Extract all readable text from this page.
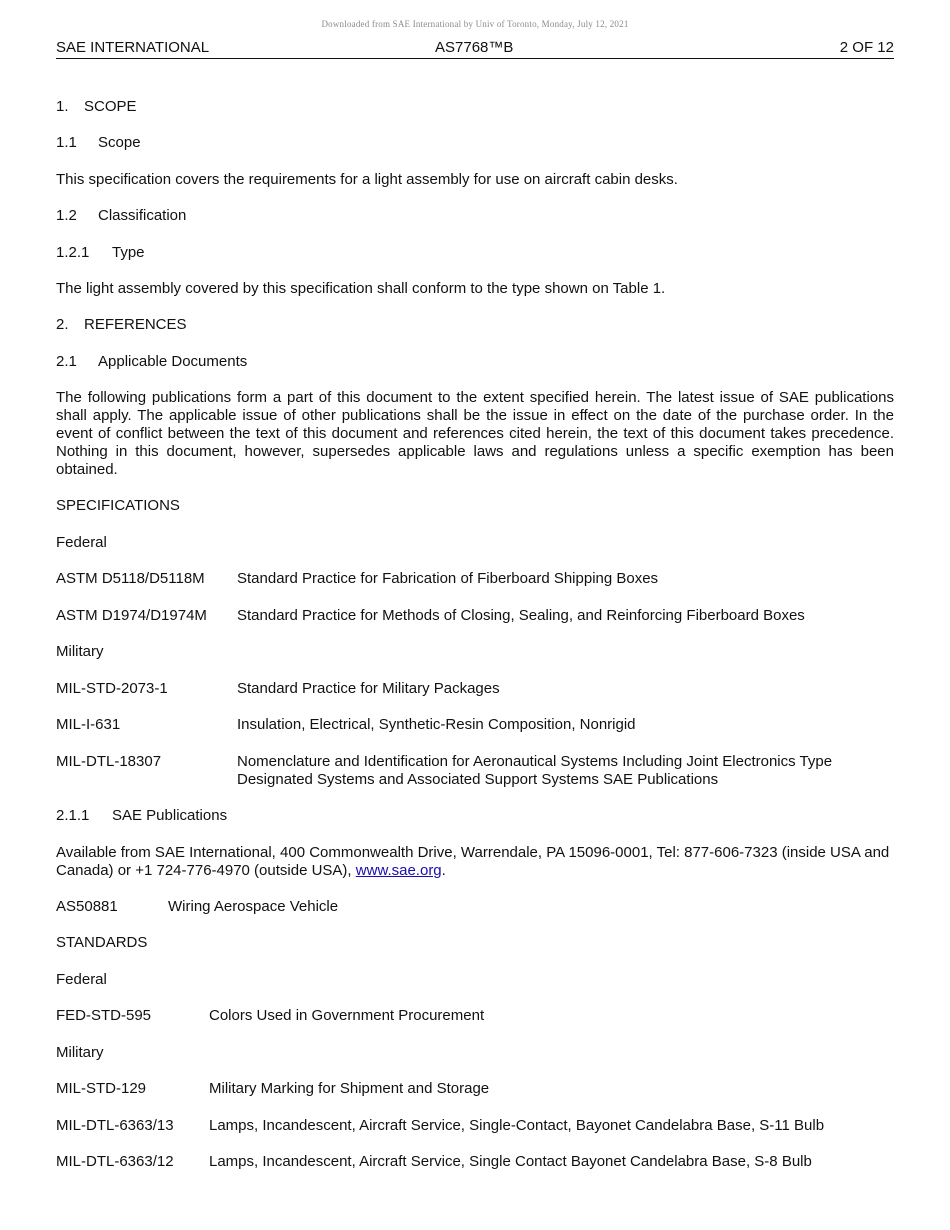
Downloaded from SAE International by Univ of Toronto, Monday, July 12, 2021
SAE INTERNATIONAL	AS7768™B	2 OF 12
1. SCOPE
1.1 Scope
This specification covers the requirements for a light assembly for use on aircraft cabin desks.
1.2 Classification
1.2.1 Type
The light assembly covered by this specification shall conform to the type shown on Table 1.
2. REFERENCES
2.1 Applicable Documents
The following publications form a part of this document to the extent specified herein. The latest issue of SAE publications shall apply. The applicable issue of other publications shall be the issue in effect on the date of the purchase order. In the event of conflict between the text of this document and references cited herein, the text of this document takes precedence. Nothing in this document, however, supersedes applicable laws and regulations unless a specific exemption has been obtained.
SPECIFICATIONS
Federal
ASTM D5118/D5118M Standard Practice for Fabrication of Fiberboard Shipping Boxes
ASTM D1974/D1974M Standard Practice for Methods of Closing, Sealing, and Reinforcing Fiberboard Boxes
Military
MIL-STD-2073-1	Standard Practice for Military Packages
MIL-I-631	Insulation, Electrical, Synthetic-Resin Composition, Nonrigid
MIL-DTL-18307	Nomenclature and Identification for Aeronautical Systems Including Joint Electronics Type Designated Systems and Associated Support Systems SAE Publications
2.1.1 SAE Publications
Available from SAE International, 400 Commonwealth Drive, Warrendale, PA 15096-0001, Tel: 877-606-7323 (inside USA and Canada) or +1 724-776-4970 (outside USA), www.sae.org.
AS50881	Wiring Aerospace Vehicle
STANDARDS
Federal
FED-STD-595	Colors Used in Government Procurement
Military
MIL-STD-129	Military Marking for Shipment and Storage
MIL-DTL-6363/13 Lamps, Incandescent, Aircraft Service, Single-Contact, Bayonet Candelabra Base, S-11 Bulb
MIL-DTL-6363/12 Lamps, Incandescent, Aircraft Service, Single Contact Bayonet Candelabra Base, S-8 Bulb
